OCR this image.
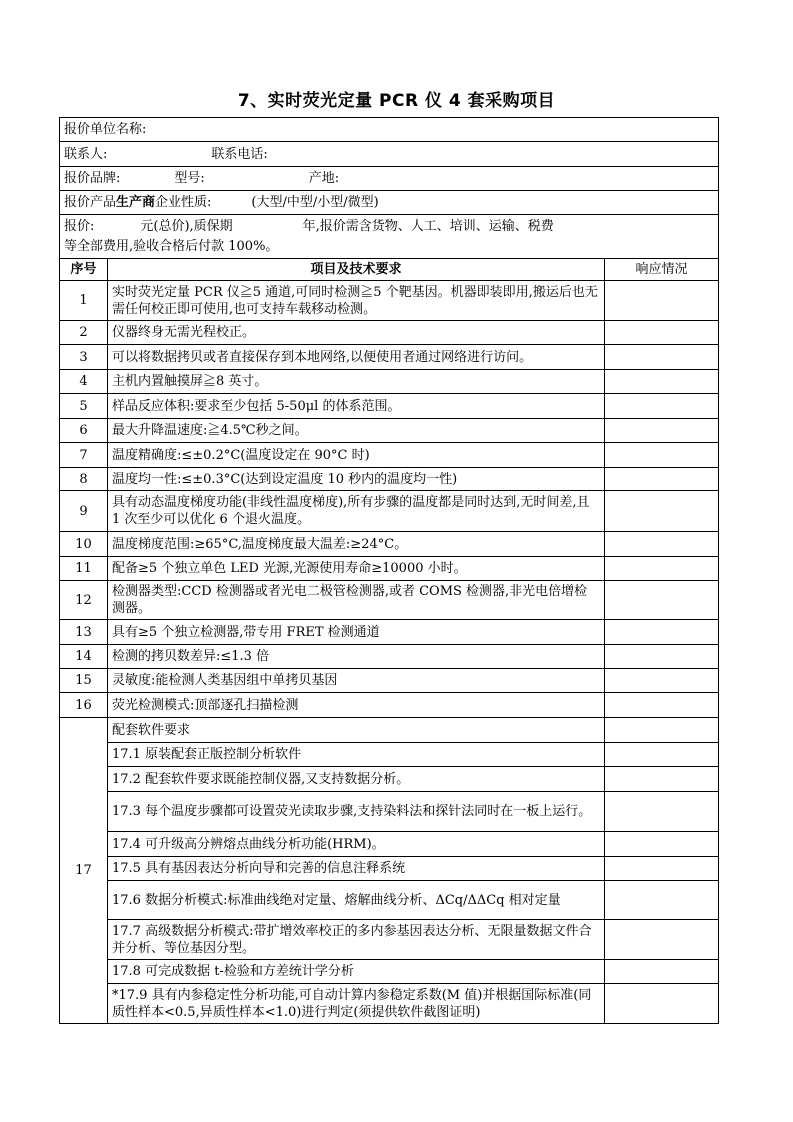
7、实时荧光定量 PCR 仪 4 套采购项目
报价单位名称:		
联系人: 联系电话:		
报价品牌: 型号: 产地:		
报价产品生产商企业性质: (大型/中型/小型/微型)		

报价: 元(总价),质保期 年,报价需含货物、人工、培训、运输、税费
等全部费用,验收合格后付款 100%。		

序号	项目及技术要求	响应情况
1	实时荧光定量 PCR 仪≧5 通道,可同时检测≧5 个靶基因。机器即装即用,搬运后也无需任何校正即可使用,也可支持车载移动检测。	
2	仪器终身无需光程校正。	
3	可以将数据拷贝或者直接保存到本地网络,以便使用者通过网络进行访问。	
4	主机内置触摸屏≧8 英寸。	
5	样品反应体积:要求至少包括 5-50μl 的体系范围。	
6	最大升降温速度:≧4.5℃秒之间。	
7	温度精确度:≤±0.2°C(温度设定在 90°C 时)	
8	温度均一性:≤±0.3°C(达到设定温度 10 秒内的温度均一性)	
9	具有动态温度梯度功能(非线性温度梯度),所有步骤的温度都是同时达到,无时间差,且 1 次至少可以优化 6 个退火温度。	
10	温度梯度范围:≥65°C,温度梯度最大温差:≥24°C。	
11	配备≥5 个独立单色 LED 光源,光源使用寿命≥10000 小时。	
12	检测器类型:CCD 检测器或者光电二极管检测器,或者 COMS 检测器,非光电倍增检测器。	
13	具有≥5 个独立检测器,带专用 FRET 检测通道	
14	检测的拷贝数差异:≤1.3 倍	
15	灵敏度:能检测人类基因组中单拷贝基因	
16	荧光检测模式:顶部逐孔扫描检测	
17	配套软件要求	
	17.1 原装配套正版控制分析软件	
	17.2 配套软件要求既能控制仪器,又支持数据分析。	
	17.3 每个温度步骤都可设置荧光读取步骤,支持染料法和探针法同时在一板上运行。	
	17.4 可升级高分辨熔点曲线分析功能(HRM)。	
	17.5 具有基因表达分析向导和完善的信息注释系统	
	17.6 数据分析模式:标准曲线绝对定量、熔解曲线分析、ΔCq/ΔΔCq 相对定量	
	17.7 高级数据分析模式:带扩增效率校正的多内参基因表达分析、无限量数据文件合并分析、等位基因分型。	
	17.8 可完成数据 t-检验和方差统计学分析	
	*17.9 具有内参稳定性分析功能,可自动计算内参稳定系数(M 值)并根据国际标准(同质性样本<0.5,异质性样本<1.0)进行判定(须提供软件截图证明)	
